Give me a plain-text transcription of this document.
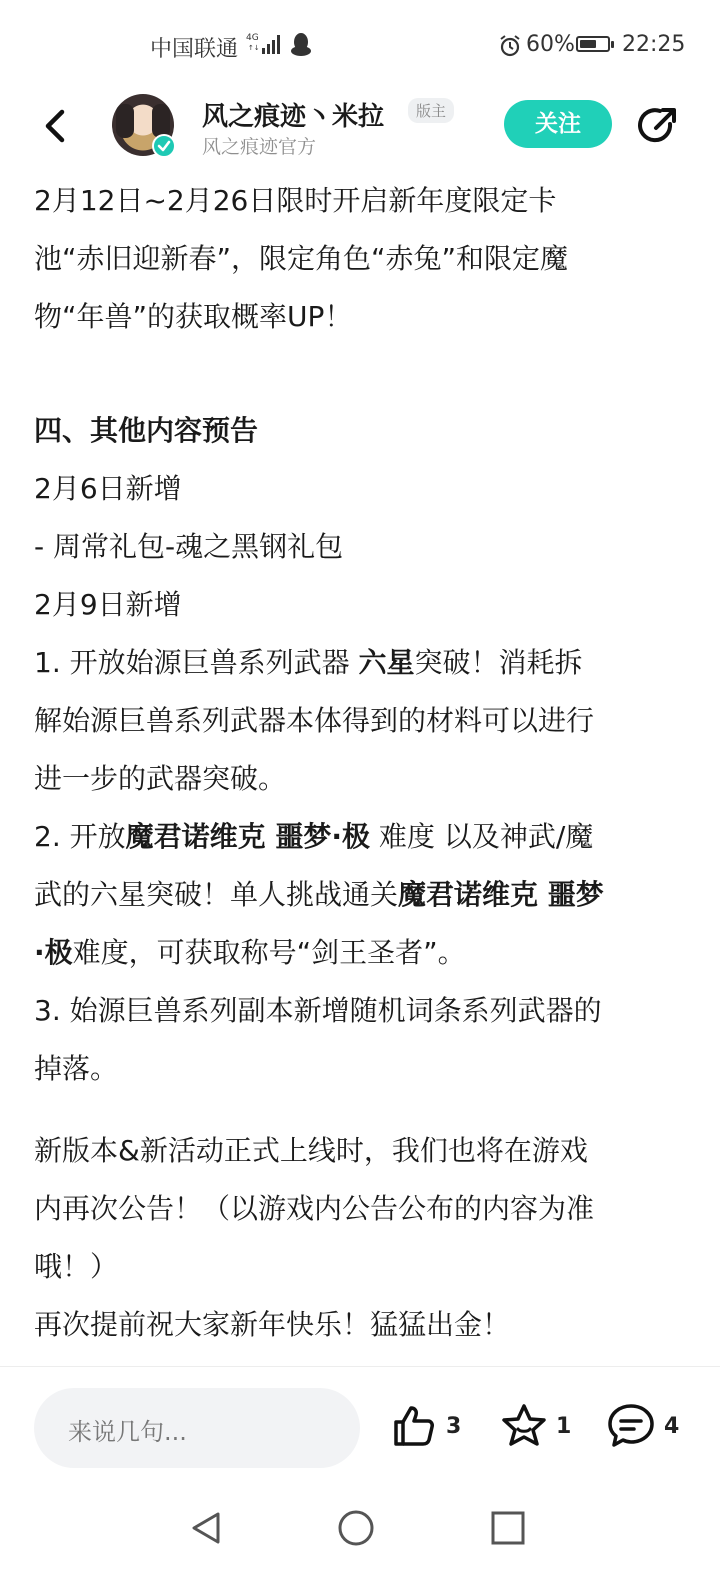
中国联通 4G
↑↓	60% 22:25
风之痕迹丶米拉	版主
风之痕迹官方
关注
2月12日~2月26日限时开启新年度限定卡
池“赤旧迎新春”，限定角色“赤兔”和限定魔
物“年兽”的获取概率UP！
四、其他内容预告
2月6日新增
- 周常礼包-魂之黑钢礼包
2月9日新增
1. 开放始源巨兽系列武器 六星突破！消耗拆
解始源巨兽系列武器本体得到的材料可以进行
进一步的武器突破。
2. 开放魔君诺维克 噩梦·极 难度 以及神武/魔
武的六星突破！单人挑战通关魔君诺维克 噩梦
·极难度，可获取称号“剑王圣者”。
3. 始源巨兽系列副本新增随机词条系列武器的
掉落。
新版本&新活动正式上线时，我们也将在游戏
内再次公告！（以游戏内公告公布的内容为准
哦！）
再次提前祝大家新年快乐！猛猛出金！
来说几句...	3	1	4
